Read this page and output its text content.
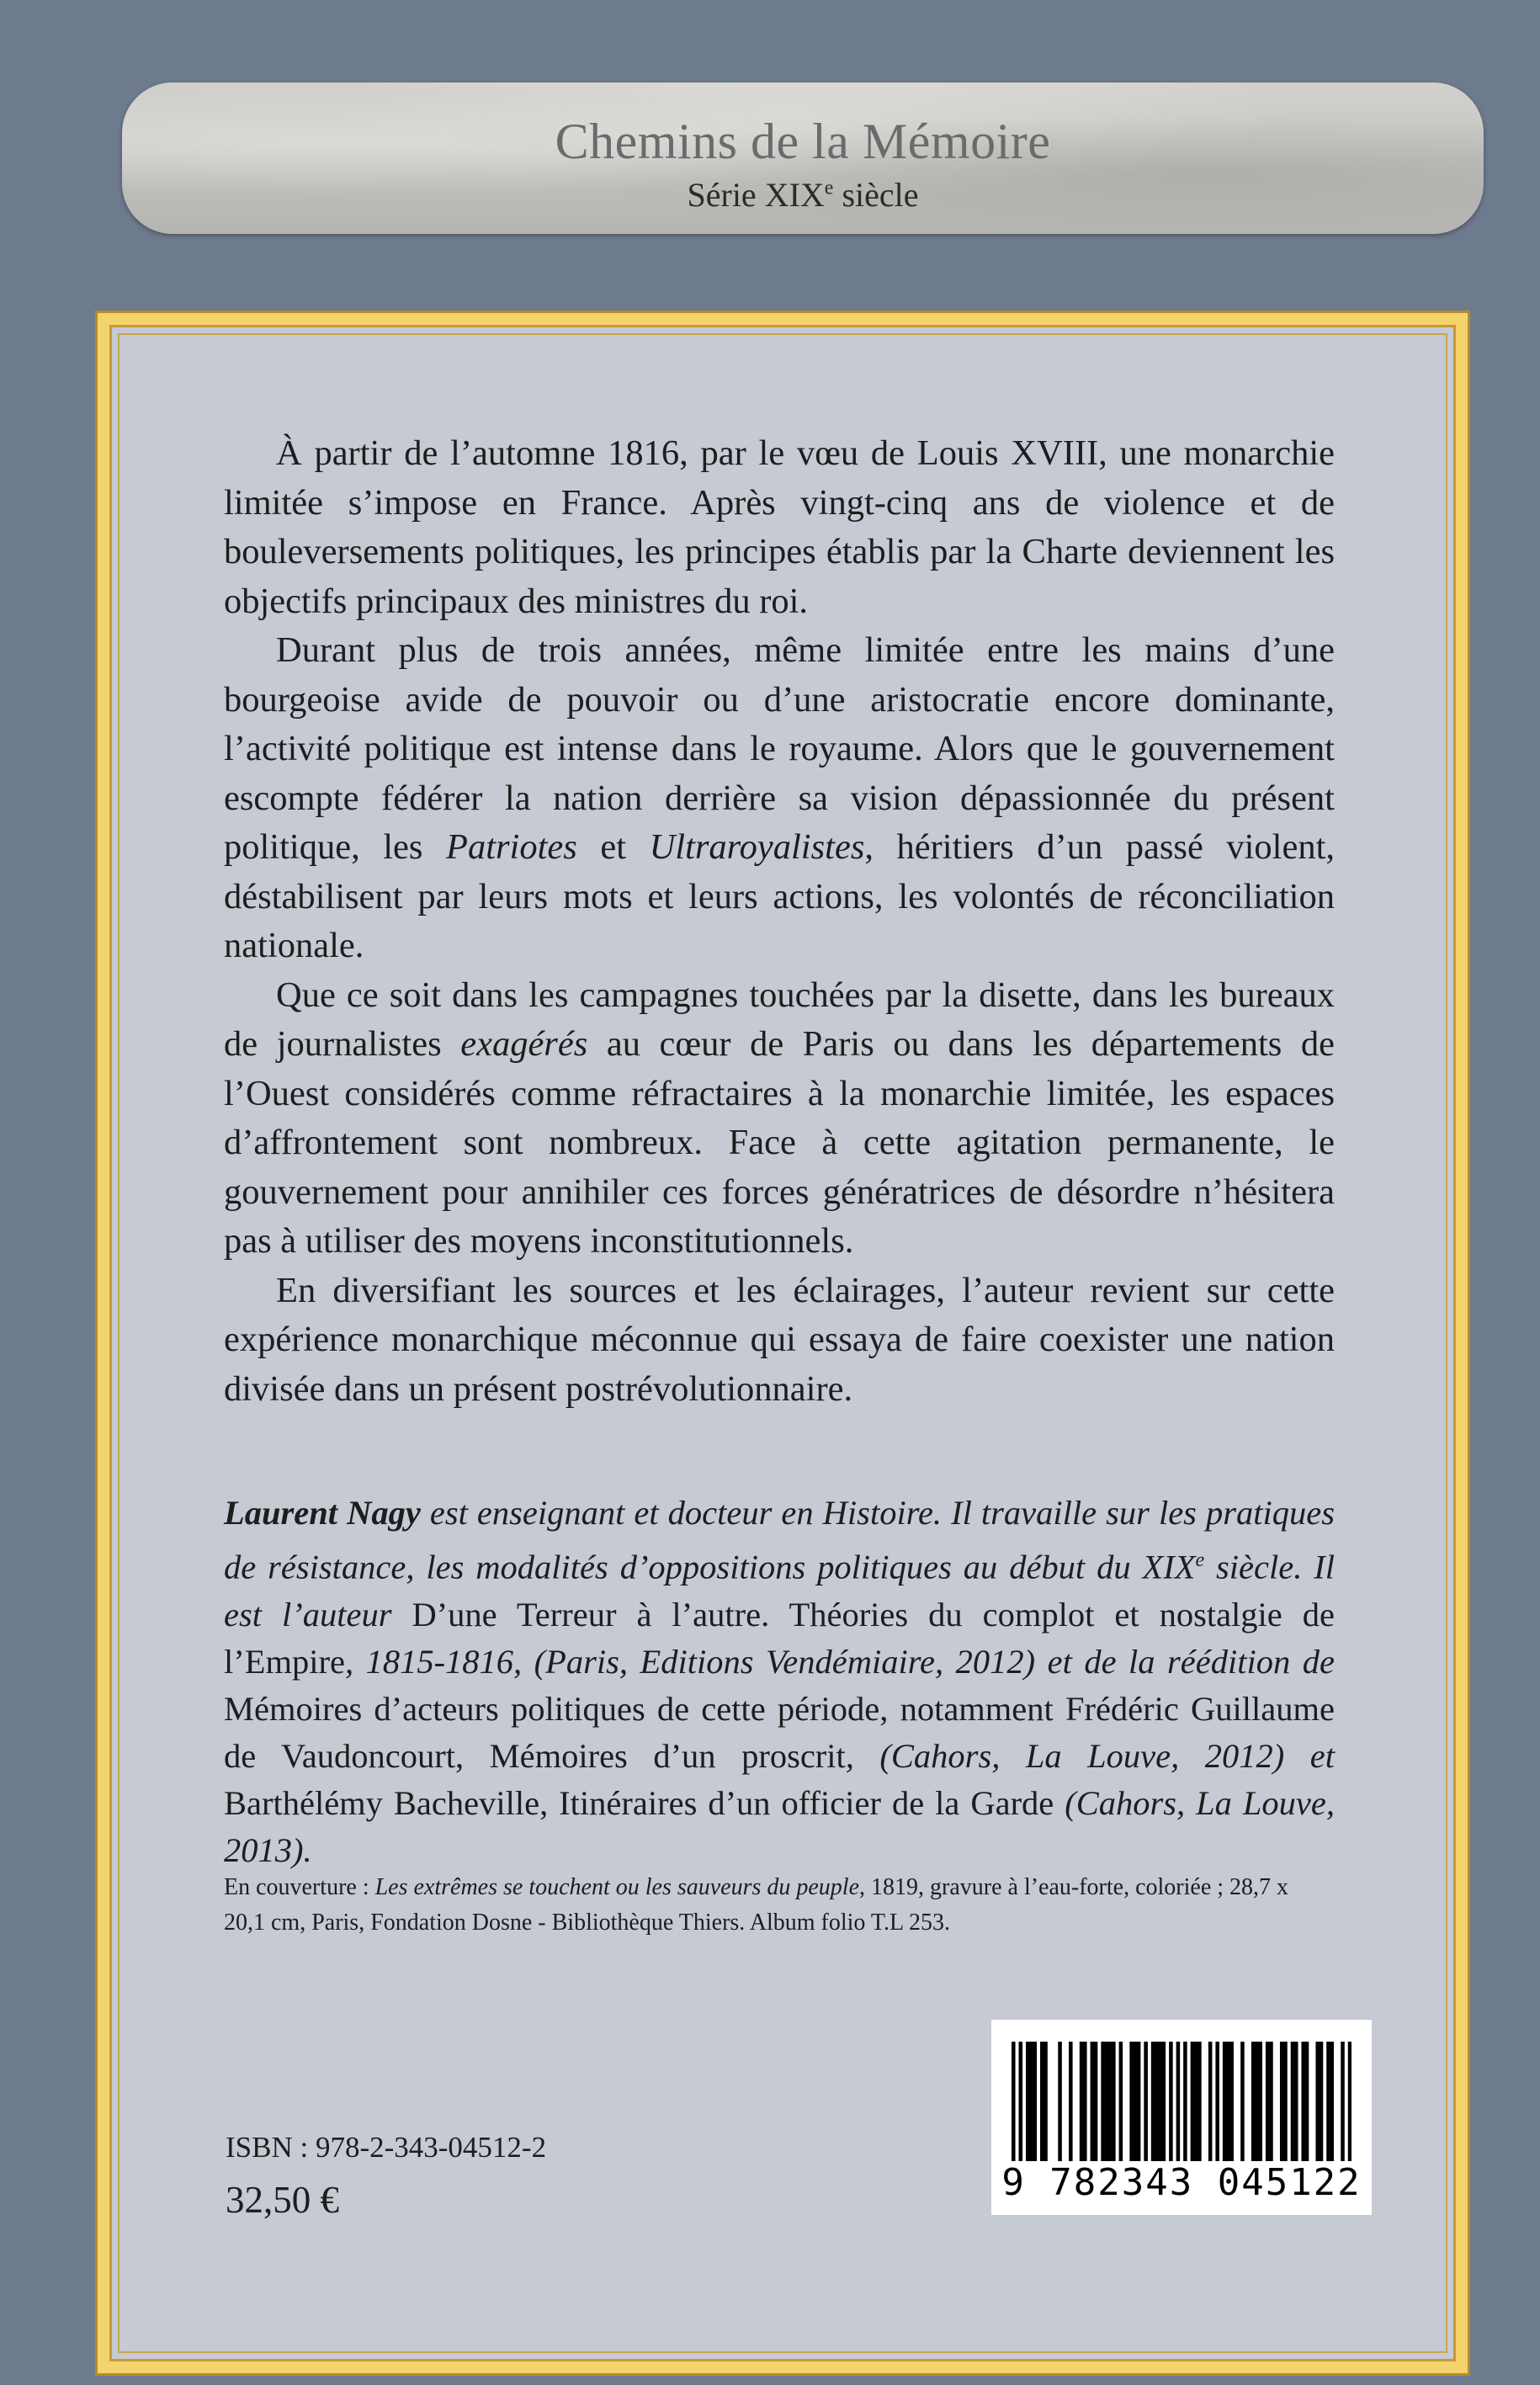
Chemins de la Mémoire
Série XIXe siècle

À partir de l’automne 1816, par le vœu de Louis XVIII, une monarchie limitée s’impose en France. Après vingt-cinq ans de violence et de bouleversements politiques, les principes établis par la Charte deviennent les objectifs principaux des ministres du roi.

Durant plus de trois années, même limitée entre les mains d’une bourgeoise avide de pouvoir ou d’une aristocratie encore dominante, l’activité politique est intense dans le royaume. Alors que le gouvernement escompte fédérer la nation derrière sa vision dépassionnée du présent politique, les Patriotes et Ultraroyalistes, héritiers d’un passé violent, déstabilisent par leurs mots et leurs actions, les volontés de réconciliation nationale.

Que ce soit dans les campagnes touchées par la disette, dans les bureaux de journalistes exagérés au cœur de Paris ou dans les départements de l’Ouest considérés comme réfractaires à la monarchie limitée, les espaces d’affrontement sont nombreux. Face à cette agitation permanente, le gouvernement pour annihiler ces forces génératrices de désordre n’hésitera pas à utiliser des moyens inconstitutionnels.

En diversifiant les sources et les éclairages, l’auteur revient sur cette expérience monarchique méconnue qui essaya de faire coexister une nation divisée dans un présent postrévolutionnaire.

Laurent Nagy est enseignant et docteur en Histoire. Il travaille sur les pratiques de résistance, les modalités d’oppositions politiques au début du XIXe siècle. Il est l’auteur D’une Terreur à l’autre. Théories du complot et nostalgie de l’Empire, 1815-1816, (Paris, Editions Vendémiaire, 2012) et de la réédition de Mémoires d’acteurs politiques de cette période, notamment Frédéric Guillaume de Vaudoncourt, Mémoires d’un proscrit, (Cahors, La Louve, 2012) et Barthélémy Bacheville, Itinéraires d’un officier de la Garde (Cahors, La Louve, 2013).

En couverture : Les extrêmes se touchent ou les sauveurs du peuple, 1819, gravure à l’eau-forte, coloriée ; 28,7 x 20,1 cm, Paris, Fondation Dosne - Bibliothèque Thiers. Album folio T.L 253.

ISBN : 978-2-343-04512-2
32,50 €	9 782343 045122
